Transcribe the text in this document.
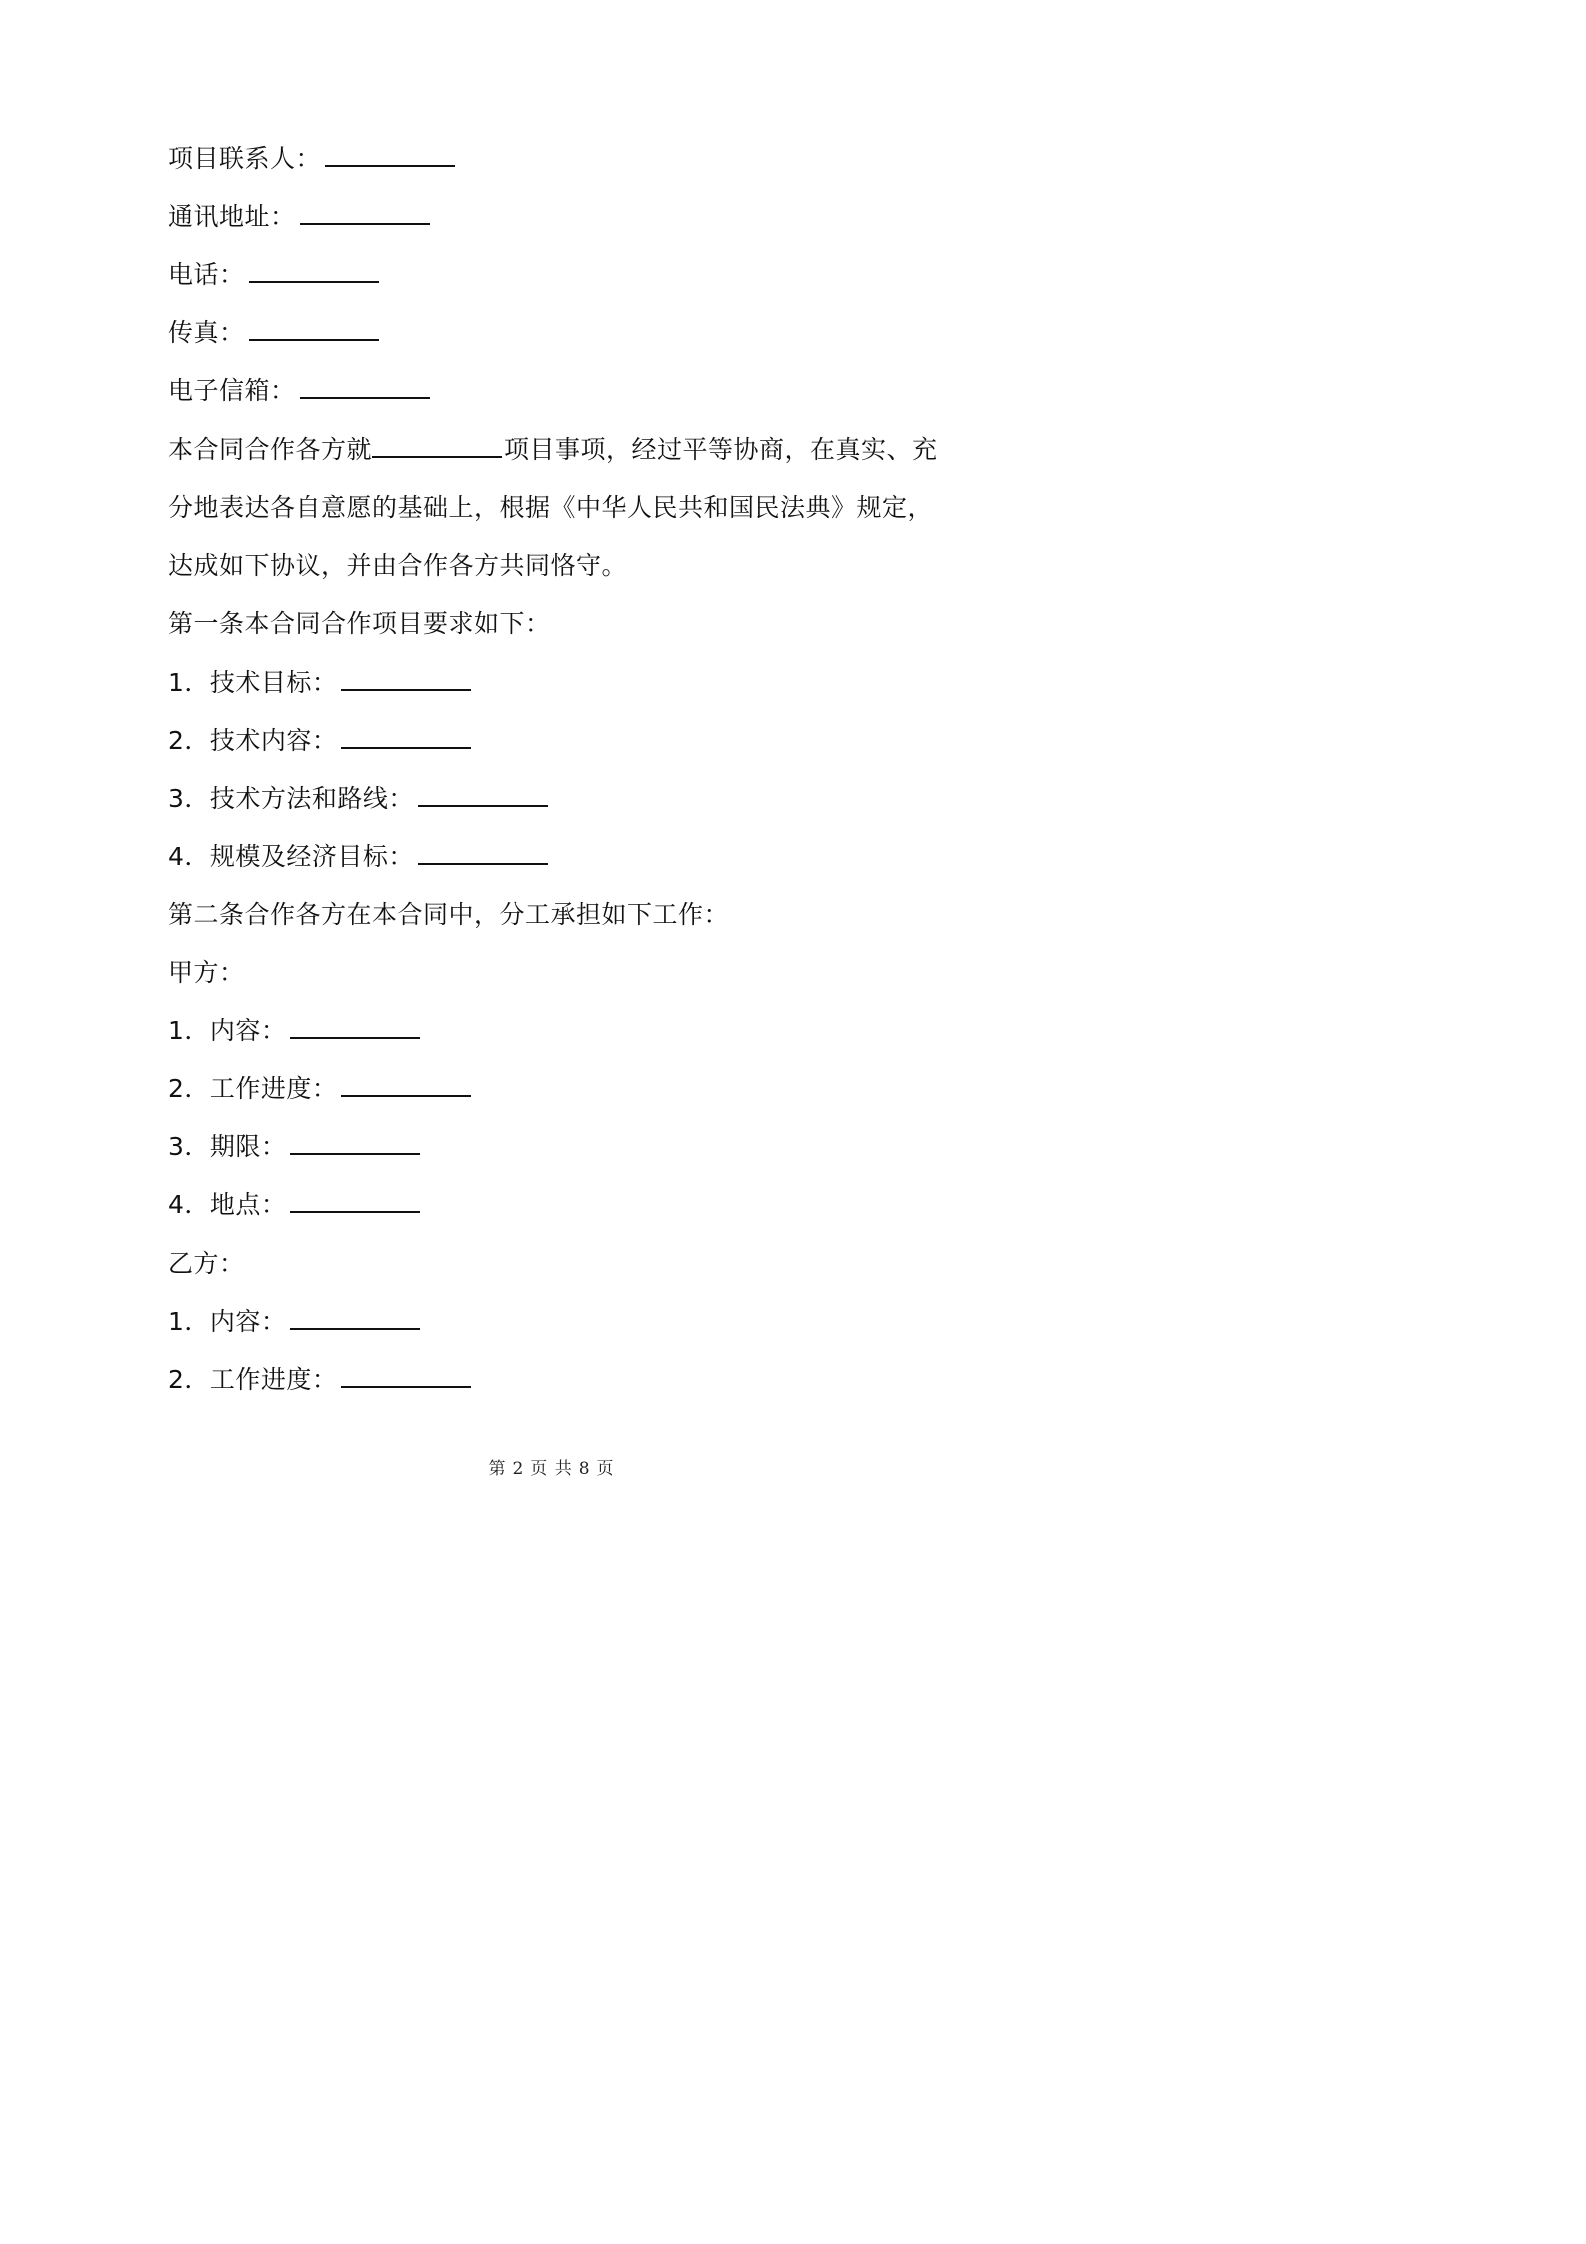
项目联系人：
通讯地址：
电话：
传真：
电子信箱：
本合同合作各方就	项目事项，经过平等协商，在真实、充
分地表达各自意愿的基础上，根据《中华人民共和国民法典》规定，
达成如下协议，并由合作各方共同恪守。
第一条本合同合作项目要求如下：
1．技术目标：
2．技术内容：
3．技术方法和路线：
4．规模及经济目标：
第二条合作各方在本合同中，分工承担如下工作：
甲方：
1．内容：
2．工作进度：
3．期限：
4．地点：
乙方：
1．内容：
2．工作进度：
第 2 页 共 8 页
